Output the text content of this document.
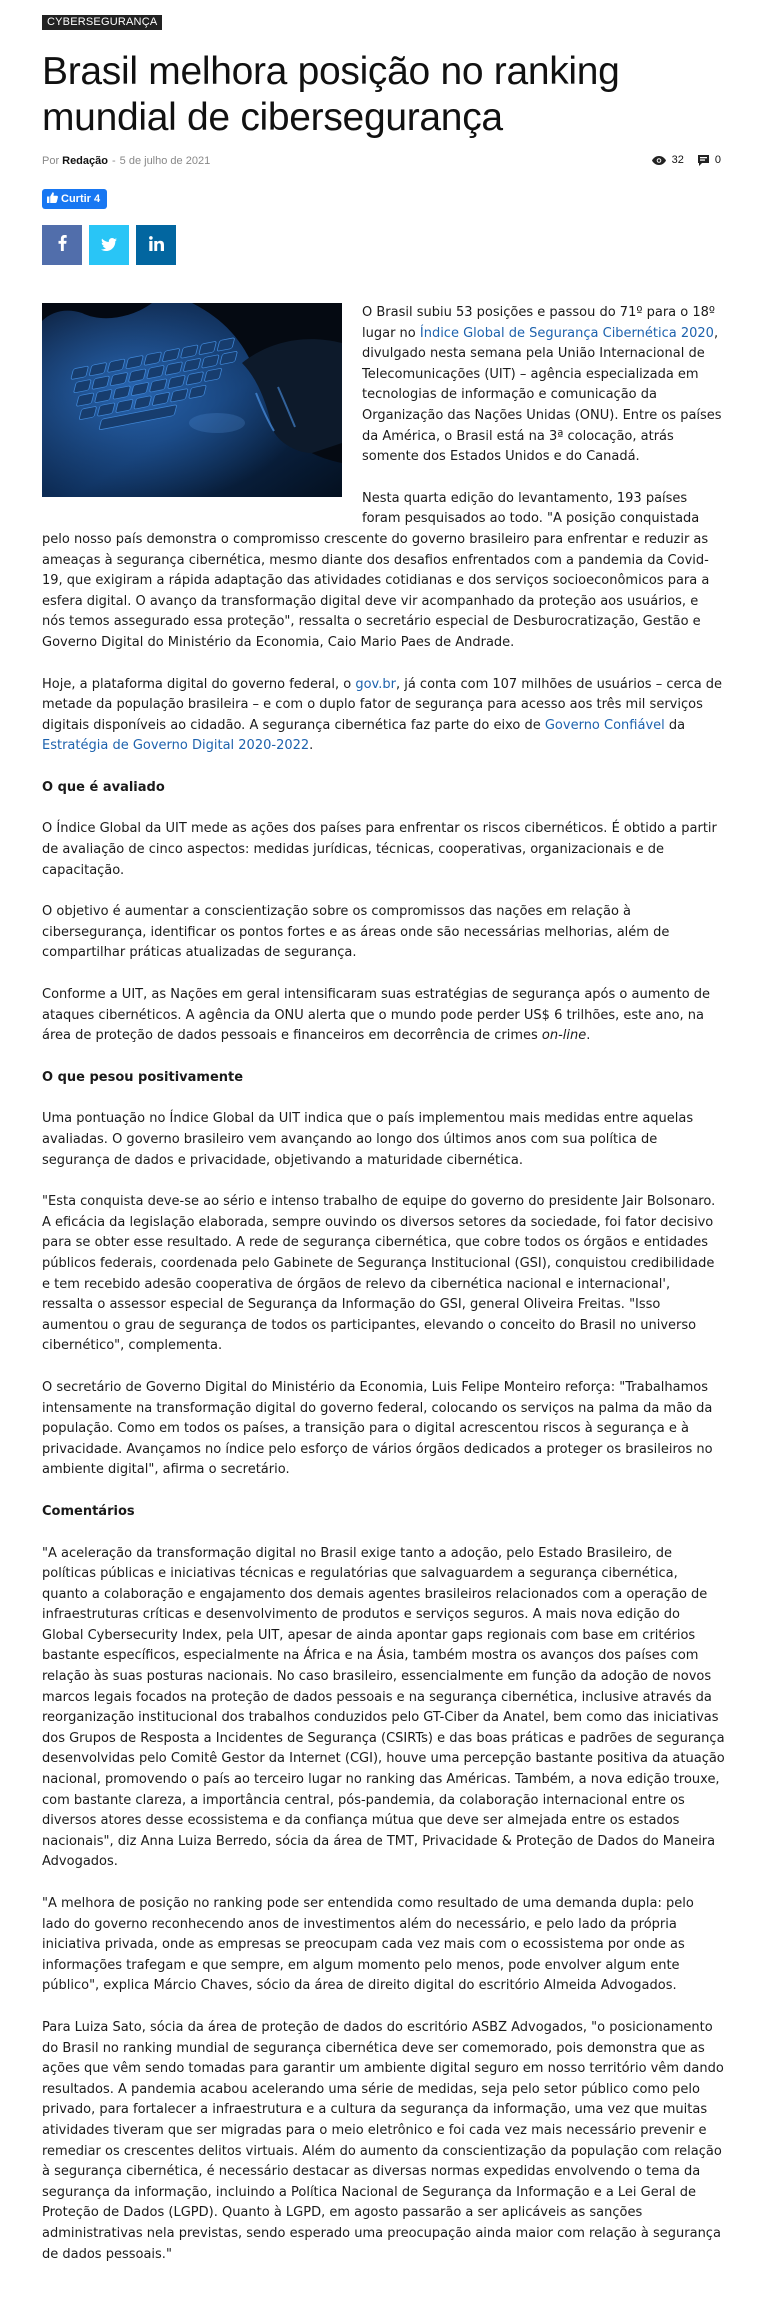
CYBERSEGURANÇA
Brasil melhora posição no ranking mundial de cibersegurança
Por Redação - 5 de julho de 2021	32	0
Curtir 4

O Brasil subiu 53 posições e passou do 71º para o 18º lugar no Índice Global de Segurança Cibernética 2020, divulgado nesta semana pela União Internacional de Telecomunicações (UIT) – agência especializada em tecnologias de informação e comunicação da Organização das Nações Unidas (ONU). Entre os países da América, o Brasil está na 3ª colocação, atrás somente dos Estados Unidos e do Canadá.

Nesta quarta edição do levantamento, 193 países foram pesquisados ao todo. "A posição conquistada pelo nosso país demonstra o compromisso crescente do governo brasileiro para enfrentar e reduzir as ameaças à segurança cibernética, mesmo diante dos desafios enfrentados com a pandemia da Covid-19, que exigiram a rápida adaptação das atividades cotidianas e dos serviços socioeconômicos para a esfera digital. O avanço da transformação digital deve vir acompanhado da proteção aos usuários, e nós temos assegurado essa proteção", ressalta o secretário especial de Desburocratização, Gestão e Governo Digital do Ministério da Economia, Caio Mario Paes de Andrade.

Hoje, a plataforma digital do governo federal, o gov.br, já conta com 107 milhões de usuários – cerca de metade da população brasileira – e com o duplo fator de segurança para acesso aos três mil serviços digitais disponíveis ao cidadão. A segurança cibernética faz parte do eixo de Governo Confiável da Estratégia de Governo Digital 2020-2022.

O que é avaliado

O Índice Global da UIT mede as ações dos países para enfrentar os riscos cibernéticos. É obtido a partir de avaliação de cinco aspectos: medidas jurídicas, técnicas, cooperativas, organizacionais e de capacitação.

O objetivo é aumentar a conscientização sobre os compromissos das nações em relação à cibersegurança, identificar os pontos fortes e as áreas onde são necessárias melhorias, além de compartilhar práticas atualizadas de segurança.

Conforme a UIT, as Nações em geral intensificaram suas estratégias de segurança após o aumento de ataques cibernéticos. A agência da ONU alerta que o mundo pode perder US$ 6 trilhões, este ano, na área de proteção de dados pessoais e financeiros em decorrência de crimes on-line.

O que pesou positivamente

Uma pontuação no Índice Global da UIT indica que o país implementou mais medidas entre aquelas avaliadas. O governo brasileiro vem avançando ao longo dos últimos anos com sua política de segurança de dados e privacidade, objetivando a maturidade cibernética.

"Esta conquista deve-se ao sério e intenso trabalho de equipe do governo do presidente Jair Bolsonaro. A eficácia da legislação elaborada, sempre ouvindo os diversos setores da sociedade, foi fator decisivo para se obter esse resultado. A rede de segurança cibernética, que cobre todos os órgãos e entidades públicos federais, coordenada pelo Gabinete de Segurança Institucional (GSI), conquistou credibilidade e tem recebido adesão cooperativa de órgãos de relevo da cibernética nacional e internacional', ressalta o assessor especial de Segurança da Informação do GSI, general Oliveira Freitas. "Isso aumentou o grau de segurança de todos os participantes, elevando o conceito do Brasil no universo cibernético", complementa.

O secretário de Governo Digital do Ministério da Economia, Luis Felipe Monteiro reforça: "Trabalhamos intensamente na transformação digital do governo federal, colocando os serviços na palma da mão da população. Como em todos os países, a transição para o digital acrescentou riscos à segurança e à privacidade. Avançamos no índice pelo esforço de vários órgãos dedicados a proteger os brasileiros no ambiente digital", afirma o secretário.

Comentários

"A aceleração da transformação digital no Brasil exige tanto a adoção, pelo Estado Brasileiro, de políticas públicas e iniciativas técnicas e regulatórias que salvaguardem a segurança cibernética, quanto a colaboração e engajamento dos demais agentes brasileiros relacionados com a operação de infraestruturas críticas e desenvolvimento de produtos e serviços seguros. A mais nova edição do Global Cybersecurity Index, pela UIT, apesar de ainda apontar gaps regionais com base em critérios bastante específicos, especialmente na África e na Ásia, também mostra os avanços dos países com relação às suas posturas nacionais. No caso brasileiro, essencialmente em função da adoção de novos marcos legais focados na proteção de dados pessoais e na segurança cibernética, inclusive através da reorganização institucional dos trabalhos conduzidos pelo GT-Ciber da Anatel, bem como das iniciativas dos Grupos de Resposta a Incidentes de Segurança (CSIRTs) e das boas práticas e padrões de segurança desenvolvidas pelo Comitê Gestor da Internet (CGI), houve uma percepção bastante positiva da atuação nacional, promovendo o país ao terceiro lugar no ranking das Américas. Também, a nova edição trouxe, com bastante clareza, a importância central, pós-pandemia, da colaboração internacional entre os diversos atores desse ecossistema e da confiança mútua que deve ser almejada entre os estados nacionais", diz Anna Luiza Berredo, sócia da área de TMT, Privacidade & Proteção de Dados do Maneira Advogados.

"A melhora de posição no ranking pode ser entendida como resultado de uma demanda dupla: pelo lado do governo reconhecendo anos de investimentos além do necessário, e pelo lado da própria iniciativa privada, onde as empresas se preocupam cada vez mais com o ecossistema por onde as informações trafegam e que sempre, em algum momento pelo menos, pode envolver algum ente público", explica Márcio Chaves, sócio da área de direito digital do escritório Almeida Advogados.

Para Luiza Sato, sócia da área de proteção de dados do escritório ASBZ Advogados, "o posicionamento do Brasil no ranking mundial de segurança cibernética deve ser comemorado, pois demonstra que as ações que vêm sendo tomadas para garantir um ambiente digital seguro em nosso território vêm dando resultados. A pandemia acabou acelerando uma série de medidas, seja pelo setor público como pelo privado, para fortalecer a infraestrutura e a cultura da segurança da informação, uma vez que muitas atividades tiveram que ser migradas para o meio eletrônico e foi cada vez mais necessário prevenir e remediar os crescentes delitos virtuais. Além do aumento da conscientização da população com relação à segurança cibernética, é necessário destacar as diversas normas expedidas envolvendo o tema da segurança da informação, incluindo a Política Nacional de Segurança da Informação e a Lei Geral de Proteção de Dados (LGPD). Quanto à LGPD, em agosto passarão a ser aplicáveis as sanções administrativas nela previstas, sendo esperado uma preocupação ainda maior com relação à segurança de dados pessoais."
